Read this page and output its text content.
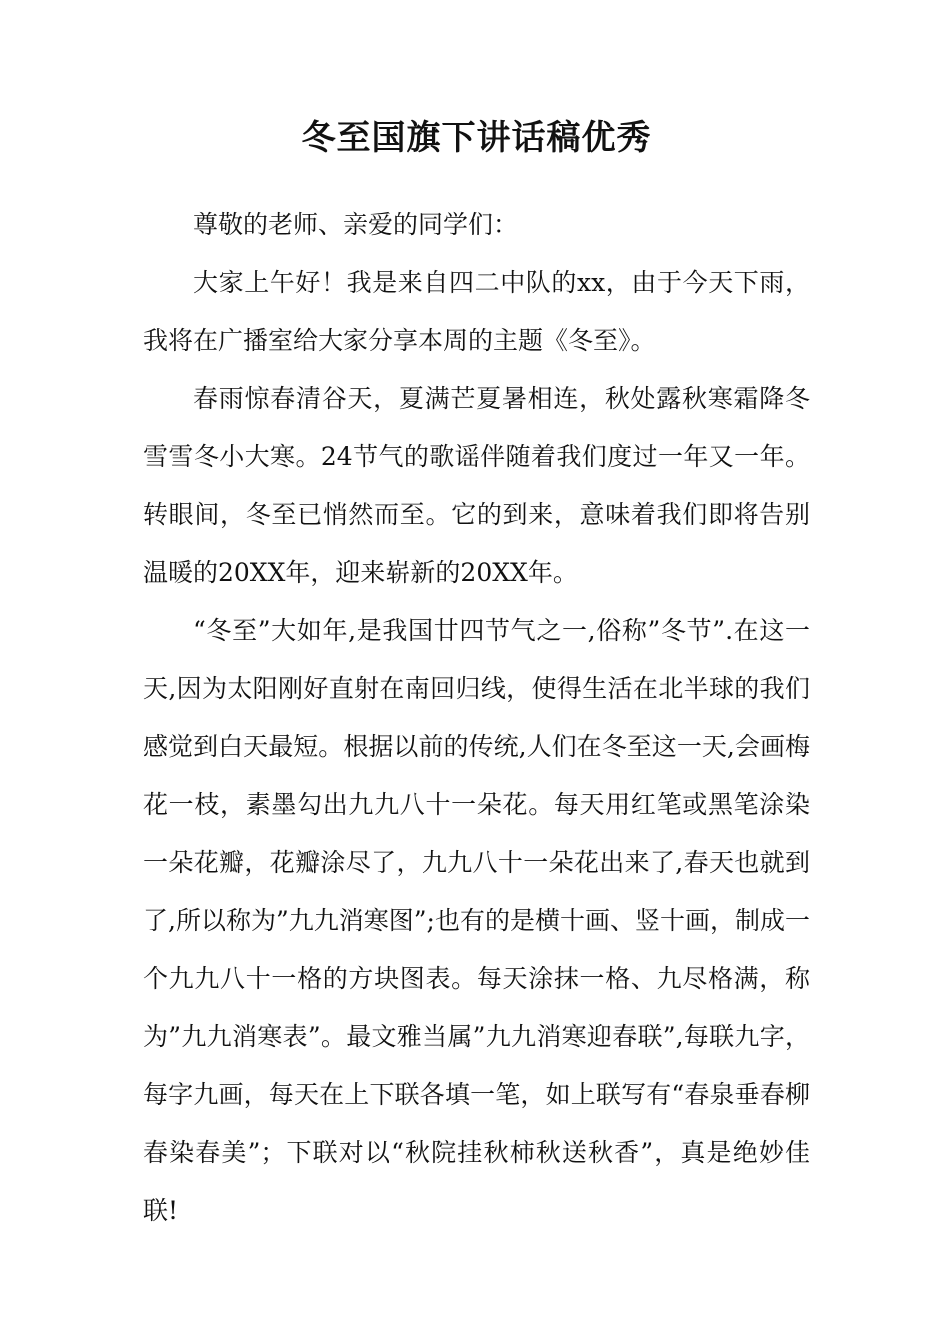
冬至国旗下讲话稿优秀

尊敬的老师、亲爱的同学们：

大家上午好！我是来自四二中队的xx，由于今天下雨，我将在广播室给大家分享本周的主题《冬至》。

春雨惊春清谷天，夏满芒夏暑相连，秋处露秋寒霜降冬雪雪冬小大寒。24节气的歌谣伴随着我们度过一年又一年。转眼间，冬至已悄然而至。它的到来，意味着我们即将告别温暖的20XX年，迎来崭新的20XX年。

“冬至”大如年,是我国廿四节气之一,俗称”冬节”.在这一天,因为太阳刚好直射在南回归线，使得生活在北半球的我们感觉到白天最短。根据以前的传统,人们在冬至这一天,会画梅花一枝，素墨勾出九九八十一朵花。每天用红笔或黑笔涂染一朵花瓣，花瓣涂尽了，九九八十一朵花出来了,春天也就到了,所以称为”九九消寒图”;也有的是横十画、竖十画，制成一个九九八十一格的方块图表。每天涂抹一格、九尽格满，称为”九九消寒表”。最文雅当属”九九消寒迎春联”,每联九字，每字九画，每天在上下联各填一笔，如上联写有“春泉垂春柳春染春美”；下联对以“秋院挂秋柿秋送秋香”，真是绝妙佳联!
